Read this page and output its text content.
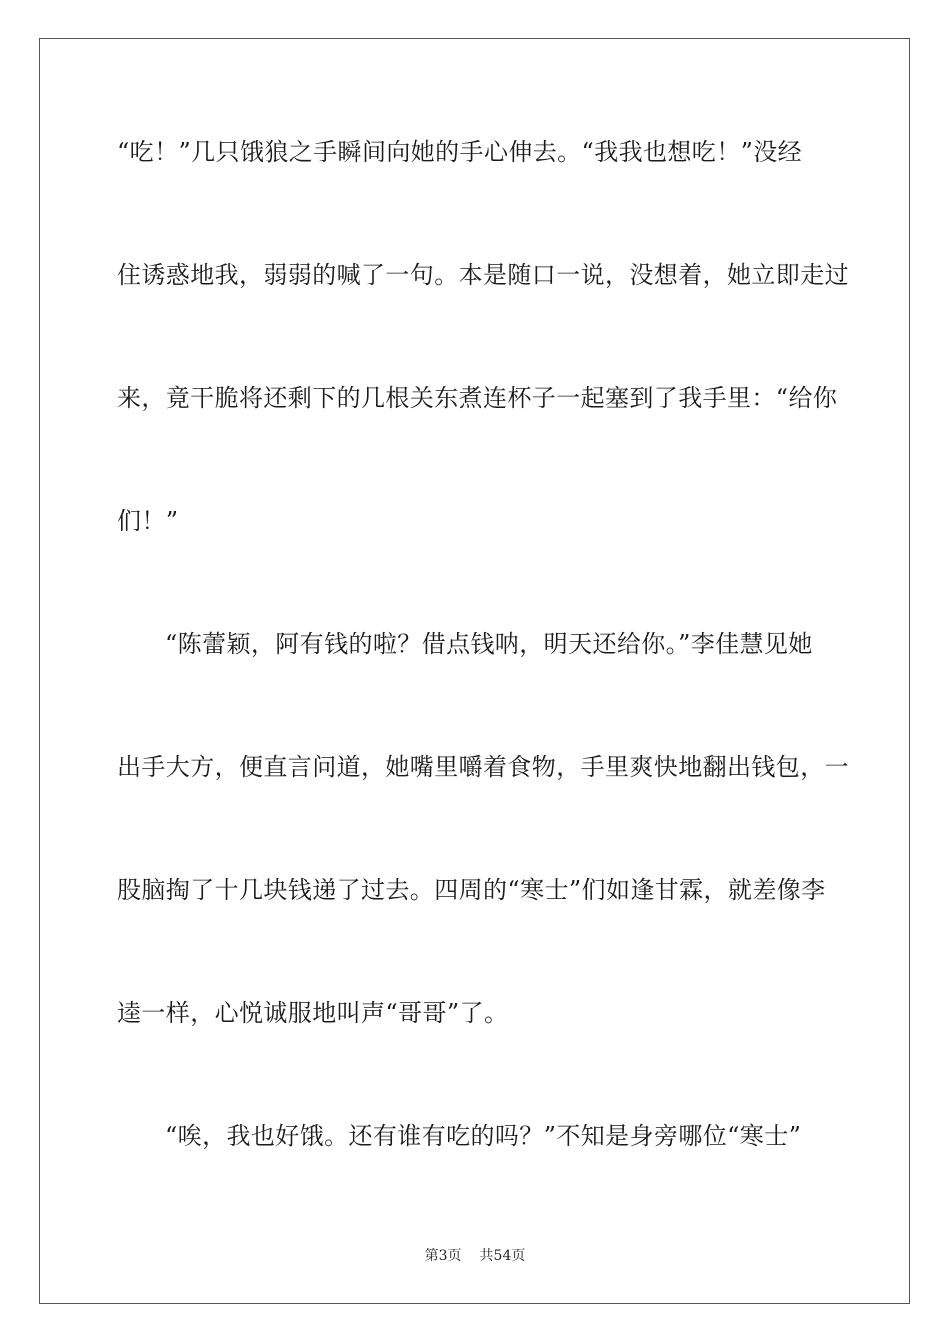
“吃！”几只饿狼之手瞬间向她的手心伸去。“我我也想吃！”没经
住诱惑地我，弱弱的喊了一句。本是随口一说，没想着，她立即走过
来，竟干脆将还剩下的几根关东煮连杯子一起塞到了我手里：“给你
们！”
“陈蕾颖，阿有钱的啦？借点钱呐，明天还给你。”李佳慧见她
出手大方，便直言问道，她嘴里嚼着食物，手里爽快地翻出钱包，一
股脑掏了十几块钱递了过去。四周的“寒士”们如逢甘霖，就差像李
逵一样，心悦诚服地叫声“哥哥”了。
“唉，我也好饿。还有谁有吃的吗？”不知是身旁哪位“寒士”
第3页 共54页
